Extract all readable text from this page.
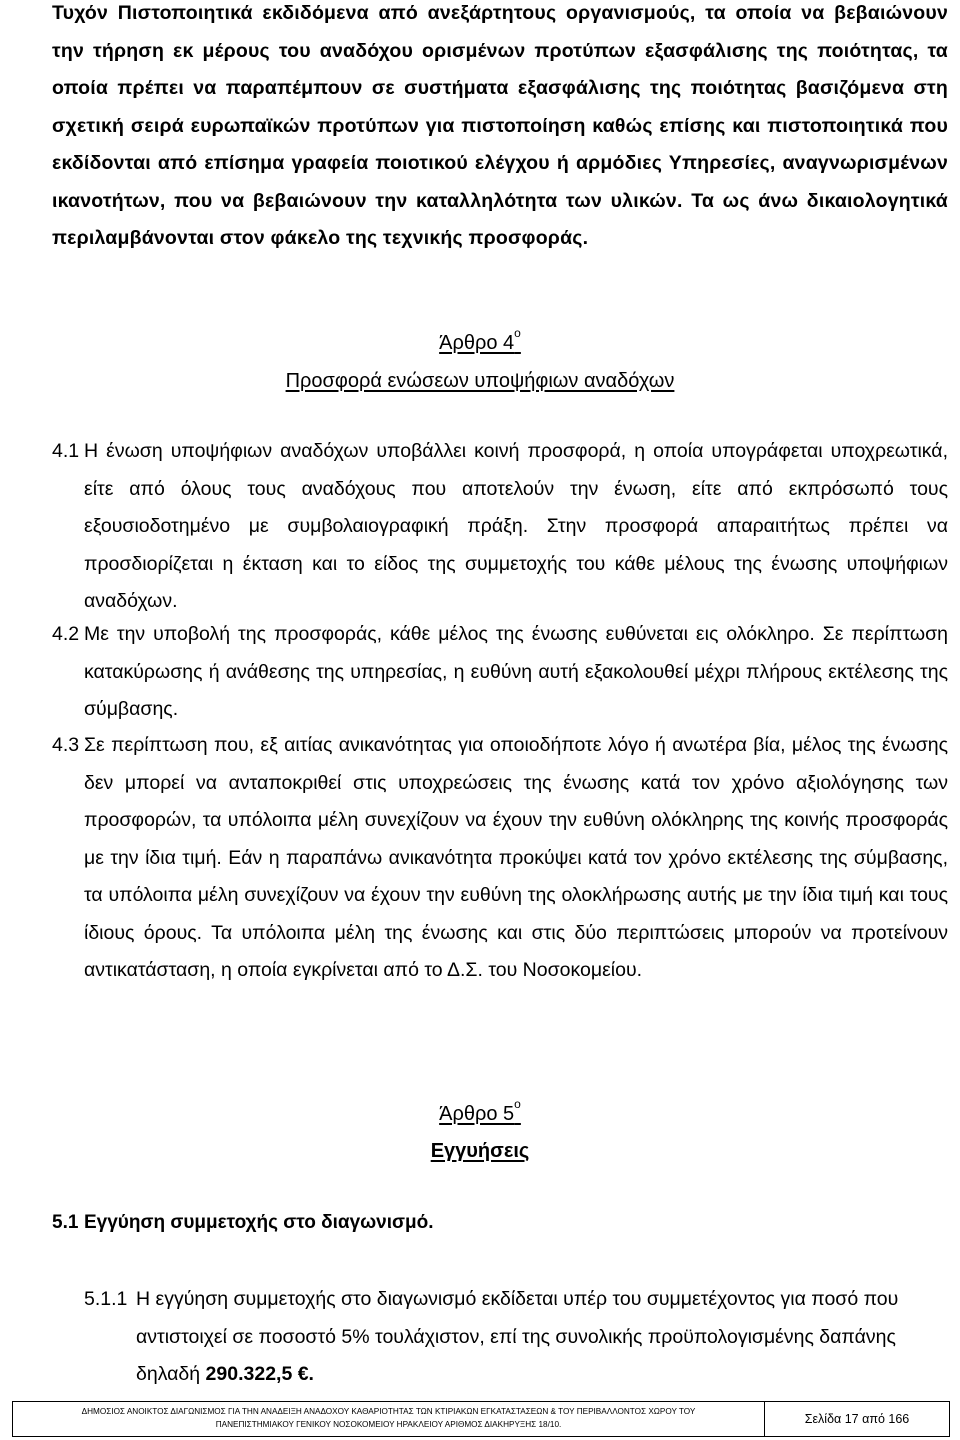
Τυχόν Πιστοποιητικά εκδιδόμενα από ανεξάρτητους οργανισμούς, τα οποία να βεβαιώνουν την τήρηση εκ μέρους του αναδόχου ορισμένων προτύπων εξασφάλισης της ποιότητας, τα οποία πρέπει να παραπέμπουν σε συστήματα εξασφάλισης της ποιότητας βασιζόμενα στη σχετική σειρά ευρωπαϊκών προτύπων για πιστοποίηση καθώς επίσης και πιστοποιητικά που εκδίδονται από επίσημα γραφεία ποιοτικού ελέγχου ή αρμόδιες Υπηρεσίες, αναγνωρισμένων ικανοτήτων, που να βεβαιώνουν την καταλληλότητα των υλικών. Τα ως άνω δικαιολογητικά περιλαμβάνονται στον φάκελο της τεχνικής προσφοράς.
Άρθρο $4^o$
Προσφορά ενώσεων υποψήφιων αναδόχων
4.1 Η ένωση υποψήφιων αναδόχων υποβάλλει κοινή προσφορά, η οποία υπογράφεται υποχρεωτικά, είτε από όλους τους αναδόχους που αποτελούν την ένωση, είτε από εκπρόσωπό τους εξουσιοδοτημένο με συμβολαιογραφική πράξη. Στην προσφορά απαραιτήτως πρέπει να προσδιορίζεται η έκταση και το είδος της συμμετοχής του κάθε μέλους της ένωσης υποψήφιων αναδόχων.
4.2 Με την υποβολή της προσφοράς, κάθε μέλος της ένωσης ευθύνεται εις ολόκληρο. Σε περίπτωση κατακύρωσης ή ανάθεσης της υπηρεσίας, η ευθύνη αυτή εξακολουθεί μέχρι πλήρους εκτέλεσης της σύμβασης.
4.3 Σε περίπτωση που, εξ αιτίας ανικανότητας για οποιοδήποτε λόγο ή ανωτέρα βία, μέλος της ένωσης δεν μπορεί να ανταποκριθεί στις υποχρεώσεις της ένωσης κατά τον χρόνο αξιολόγησης των προσφορών, τα υπόλοιπα μέλη συνεχίζουν να έχουν την ευθύνη ολόκληρης της κοινής προσφοράς με την ίδια τιμή. Εάν η παραπάνω ανικανότητα προκύψει κατά τον χρόνο εκτέλεσης της σύμβασης, τα υπόλοιπα μέλη συνεχίζουν να έχουν την ευθύνη της ολοκλήρωσης αυτής με την ίδια τιμή και τους ίδιους όρους. Τα υπόλοιπα μέλη της ένωσης και στις δύο περιπτώσεις μπορούν να προτείνουν αντικατάσταση, η οποία εγκρίνεται από το Δ.Σ. του Νοσοκομείου.
Άρθρο $5^o$
Εγγυήσεις
5.1 Εγγύηση συμμετοχής στο διαγωνισμό.
5.1.1 Η εγγύηση συμμετοχής στο διαγωνισμό εκδίδεται υπέρ του συμμετέχοντος για ποσό που αντιστοιχεί σε ποσοστό 5% τουλάχιστον, επί της συνολικής προϋπολογισμένης δαπάνης δηλαδή 290.322,5 €.
ΔΗΜΟΣΙΟΣ ΑΝΟΙΚΤΟΣ ΔΙΑΓΩΝΙΣΜΟΣ ΓΙΑ ΤΗΝ ΑΝΑΔΕΙΞΗ ΑΝΑΔΟΧΟΥ ΚΑΘΑΡΙΟΤΗΤΑΣ ΤΩΝ ΚΤΙΡΙΑΚΩΝ ΕΓΚΑΤΑΣΤΑΣΕΩΝ & ΤΟΥ ΠΕΡΙΒΑΛΛΟΝΤΟΣ ΧΩΡΟΥ ΤΟΥ
ΠΑΝΕΠΙΣΤΗΜΙΑΚΟΥ ΓΕΝΙΚΟΥ ΝΟΣΟΚΟΜΕΙΟΥ ΗΡΑΚΛΕΙΟΥ ΑΡΙΘΜΟΣ ΔΙΑΚΗΡΥΞΗΣ 18/10.	Σελίδα 17 από 166
